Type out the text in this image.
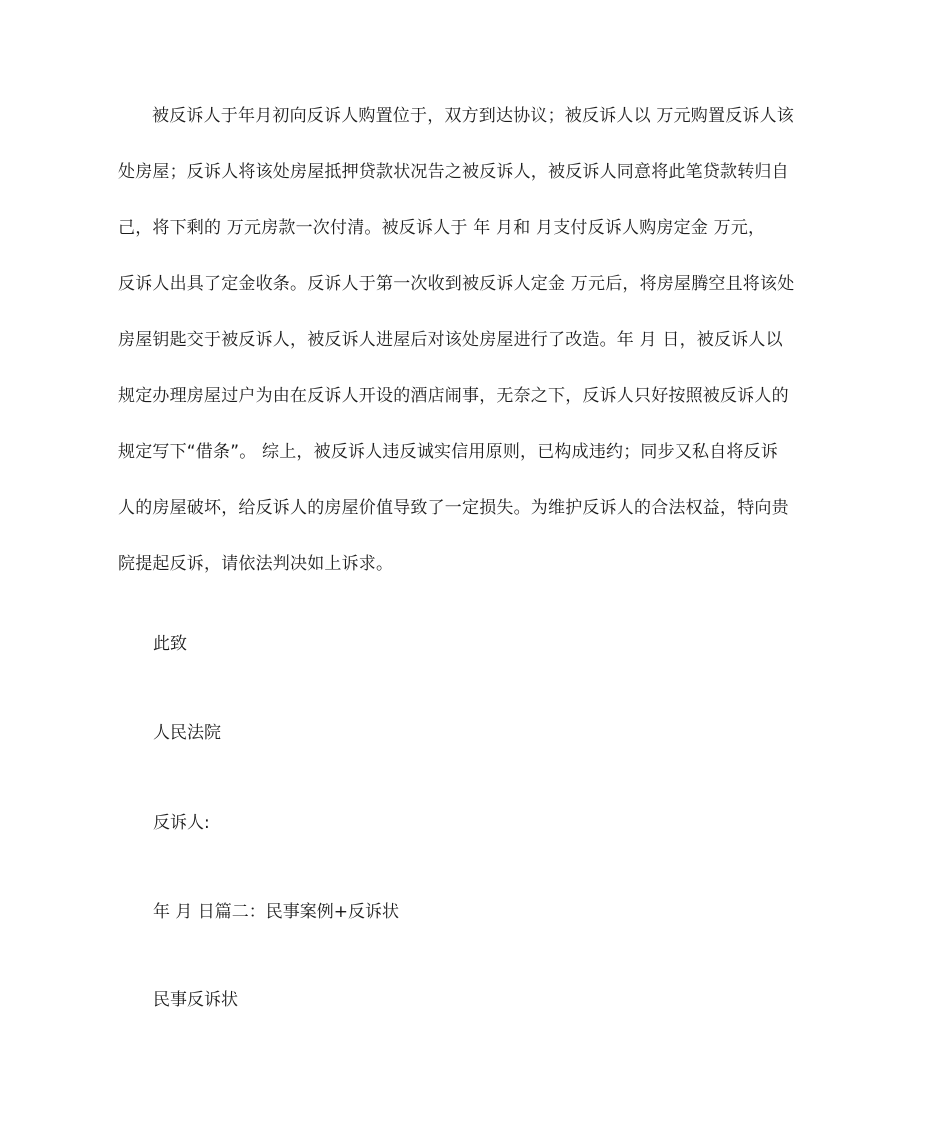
被反诉人于年月初向反诉人购置位于，双方到达协议；被反诉人以 万元购置反诉人该
处房屋；反诉人将该处房屋抵押贷款状况告之被反诉人，被反诉人同意将此笔贷款转归自
己，将下剩的 万元房款一次付清。被反诉人于 年 月和 月支付反诉人购房定金 万元，
反诉人出具了定金收条。反诉人于第一次收到被反诉人定金 万元后，将房屋腾空且将该处
房屋钥匙交于被反诉人，被反诉人进屋后对该处房屋进行了改造。年 月 日，被反诉人以
规定办理房屋过户为由在反诉人开设的酒店闹事，无奈之下，反诉人只好按照被反诉人的
规定写下“借条”。 综上，被反诉人违反诚实信用原则，已构成违约；同步又私自将反诉
人的房屋破坏，给反诉人的房屋价值导致了一定损失。为维护反诉人的合法权益，特向贵
院提起反诉，请依法判决如上诉求。

此致

人民法院

反诉人:

年 月 日篇二：民事案例+反诉状

民事反诉状
